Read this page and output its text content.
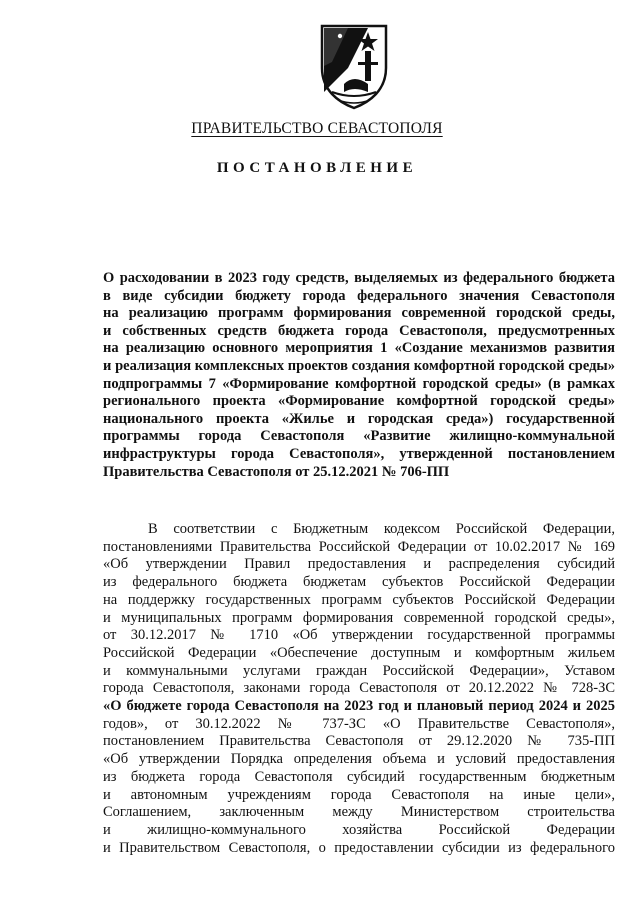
ПРАВИТЕЛЬСТВО СЕВАСТОПОЛЯ
ПОСТАНОВЛЕНИЕ
О расходовании в 2023 году средств, выделяемых из федерального бюджета
в виде субсидии бюджету города федерального значения Севастополя
на реализацию программ формирования современной городской среды,
и собственных средств бюджета города Севастополя, предусмотренных
на реализацию основного мероприятия 1 «Создание механизмов развития
и реализация комплексных проектов создания комфортной городской среды»
подпрограммы 7 «Формирование комфортной городской среды» (в рамках
регионального проекта «Формирование комфортной городской среды»
национального проекта «Жилье и городская среда») государственной
программы города Севастополя «Развитие жилищно-коммунальной
инфраструктуры города Севастополя», утвержденной постановлением
Правительства Севастополя от 25.12.2021 № 706-ПП
В соответствии с Бюджетным кодексом Российской Федерации,
постановлениями Правительства Российской Федерации от 10.02.2017 № 169
«Об утверждении Правил предоставления и распределения субсидий
из федерального бюджета бюджетам субъектов Российской Федерации
на поддержку государственных программ субъектов Российской Федерации
и муниципальных программ формирования современной городской среды»,
от 30.12.2017 № 1710 «Об утверждении государственной программы
Российской Федерации «Обеспечение доступным и комфортным жильем
и коммунальными услугами граждан Российской Федерации», Уставом
города Севастополя, законами города Севастополя от 20.12.2022 № 728-ЗС
«О бюджете города Севастополя на 2023 год и плановый период 2024 и 2025
годов», от 30.12.2022 № 737-ЗС «О Правительстве Севастополя»,
постановлением Правительства Севастополя от 29.12.2020 № 735-ПП
«Об утверждении Порядка определения объема и условий предоставления
из бюджета города Севастополя субсидий государственным бюджетным
и автономным учреждениям города Севастополя на иные цели»,
Соглашением, заключенным между Министерством строительства
и жилищно-коммунального хозяйства Российской Федерации
и Правительством Севастополя, о предоставлении субсидии из федерального
